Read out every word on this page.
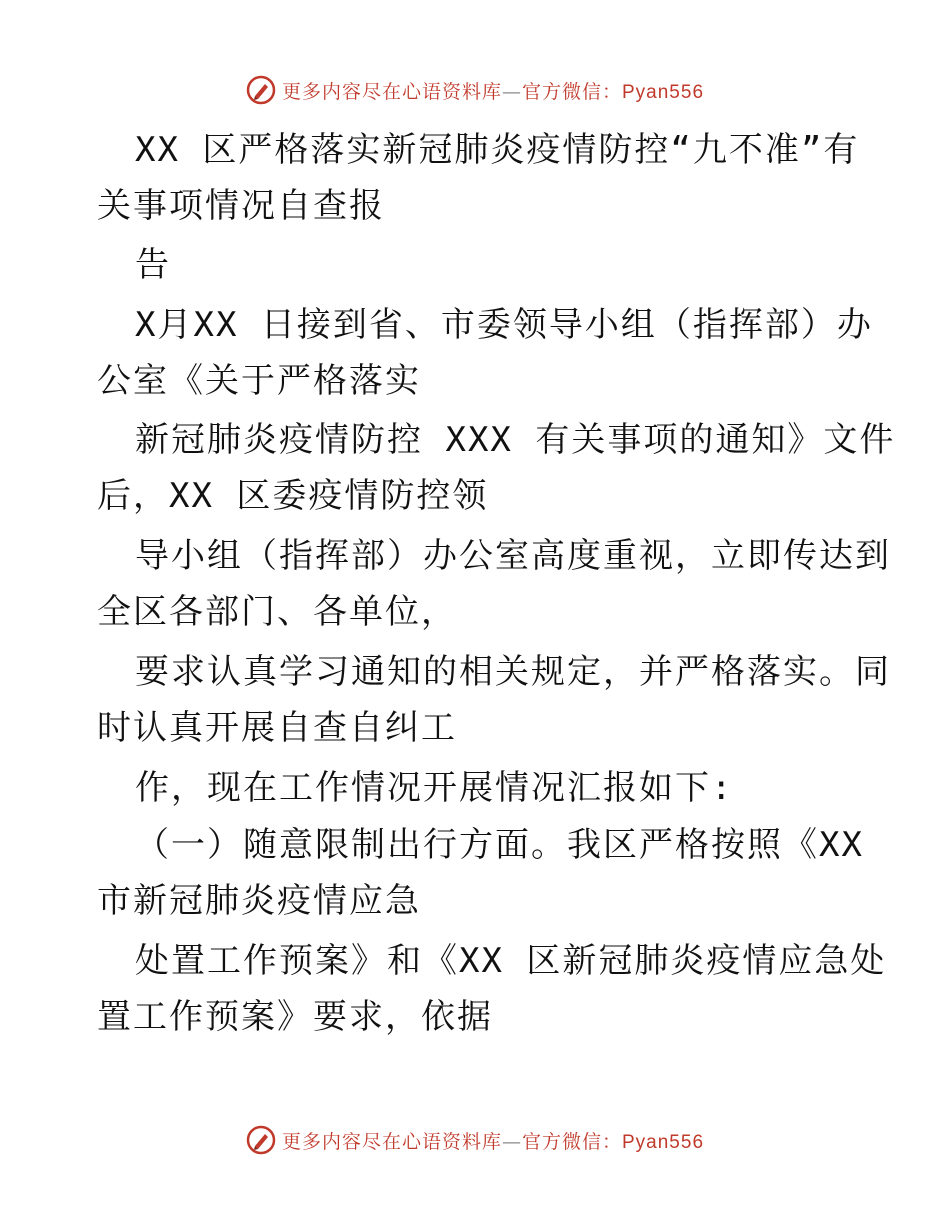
更多内容尽在心语资料库—官方微信：Pyan556
XX 区严格落实新冠肺炎疫情防控“九不准”有
关事项情况自查报
告
X月XX 日接到省、市委领导小组（指挥部）办
公室《关于严格落实
新冠肺炎疫情防控 XXX 有关事项的通知》文件
后，XX 区委疫情防控领
导小组（指挥部）办公室高度重视，立即传达到
全区各部门、各单位，
要求认真学习通知的相关规定，并严格落实。同
时认真开展自查自纠工
作，现在工作情况开展情况汇报如下:
（一）随意限制出行方面。我区严格按照《XX
市新冠肺炎疫情应急
处置工作预案》和《XX 区新冠肺炎疫情应急处
置工作预案》要求，依据
更多内容尽在心语资料库—官方微信：Pyan556
